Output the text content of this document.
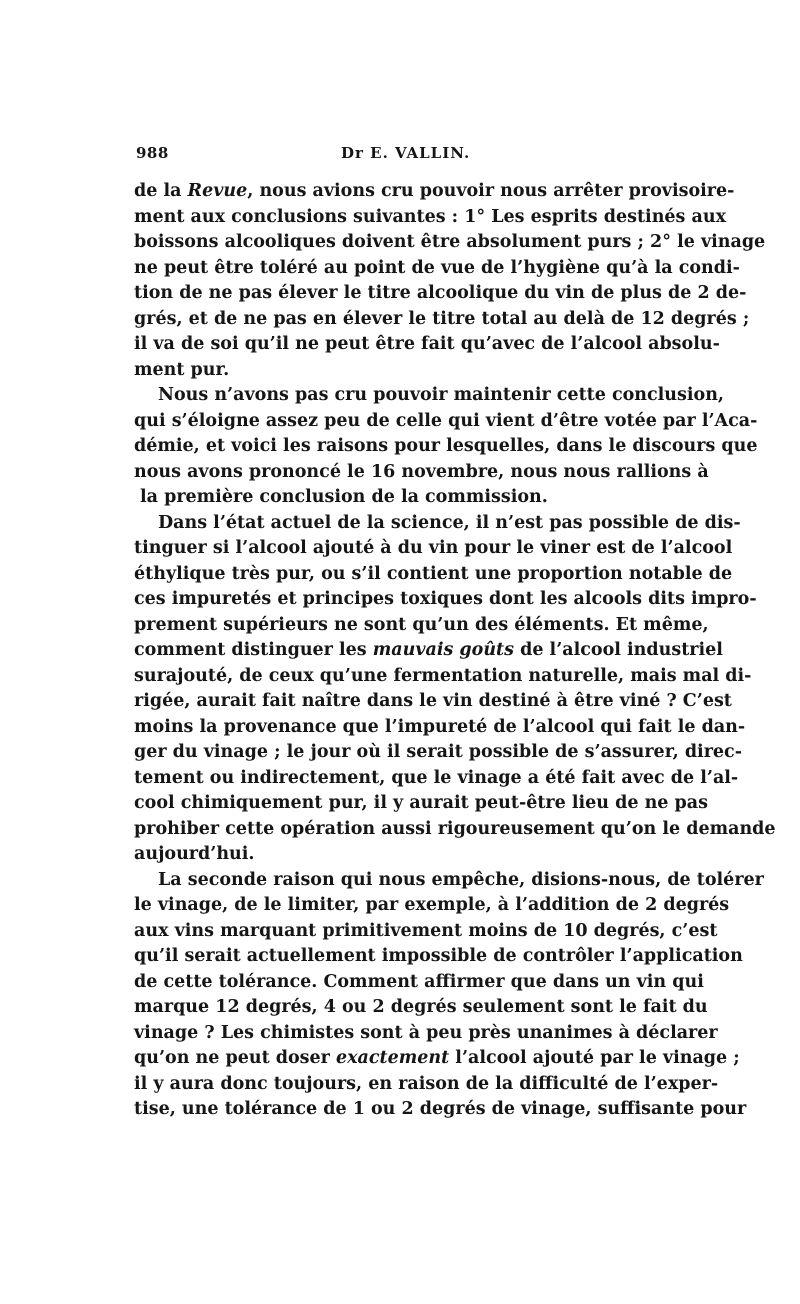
988	Dr E. VALLIN.
de la Revue, nous avions cru pouvoir nous arrêter provisoire-
ment aux conclusions suivantes : 1° Les esprits destinés aux
boissons alcooliques doivent être absolument purs ; 2° le vinage
ne peut être toléré au point de vue de l’hygiène qu’à la condi-
tion de ne pas élever le titre alcoolique du vin de plus de 2 de-
grés, et de ne pas en élever le titre total au delà de 12 degrés ;
il va de soi qu’il ne peut être fait qu’avec de l’alcool absolu-
ment pur.
Nous n’avons pas cru pouvoir maintenir cette conclusion,
qui s’éloigne assez peu de celle qui vient d’être votée par l’Aca-
démie, et voici les raisons pour lesquelles, dans le discours que
nous avons prononcé le 16 novembre, nous nous rallions à
la première conclusion de la commission.
Dans l’état actuel de la science, il n’est pas possible de dis-
tinguer si l’alcool ajouté à du vin pour le viner est de l’alcool
éthylique très pur, ou s’il contient une proportion notable de
ces impuretés et principes toxiques dont les alcools dits impro-
prement supérieurs ne sont qu’un des éléments. Et même,
comment distinguer les mauvais goûts de l’alcool industriel
surajouté, de ceux qu’une fermentation naturelle, mais mal di-
rigée, aurait fait naître dans le vin destiné à être viné ? C’est
moins la provenance que l’impureté de l’alcool qui fait le dan-
ger du vinage ; le jour où il serait possible de s’assurer, direc-
tement ou indirectement, que le vinage a été fait avec de l’al-
cool chimiquement pur, il y aurait peut-être lieu de ne pas
prohiber cette opération aussi rigoureusement qu’on le demande
aujourd’hui.
La seconde raison qui nous empêche, disions-nous, de tolérer
le vinage, de le limiter, par exemple, à l’addition de 2 degrés
aux vins marquant primitivement moins de 10 degrés, c’est
qu’il serait actuellement impossible de contrôler l’application
de cette tolérance. Comment affirmer que dans un vin qui
marque 12 degrés, 4 ou 2 degrés seulement sont le fait du
vinage ? Les chimistes sont à peu près unanimes à déclarer
qu’on ne peut doser exactement l’alcool ajouté par le vinage ;
il y aura donc toujours, en raison de la difficulté de l’exper-
tise, une tolérance de 1 ou 2 degrés de vinage, suffisante pour
